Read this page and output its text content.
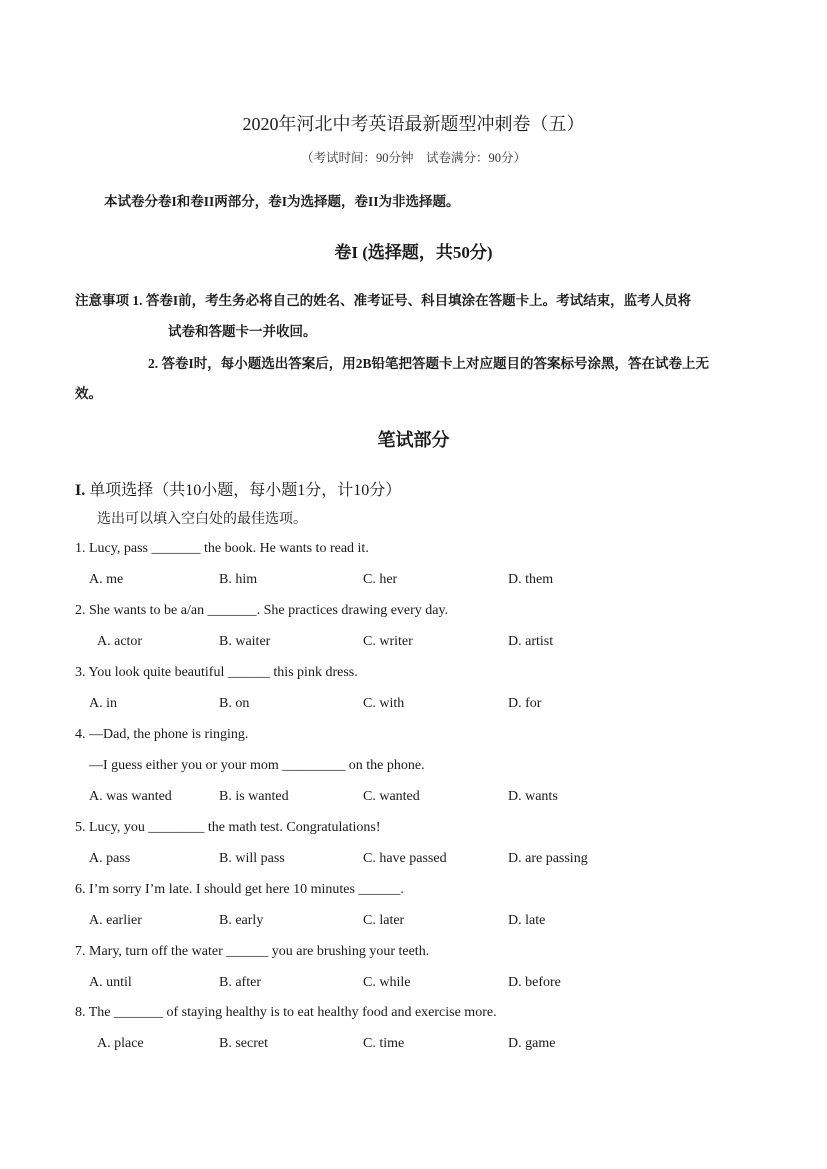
2020年河北中考英语最新题型冲刺卷（五）
（考试时间：90分钟　试卷满分：90分）
本试卷分卷I和卷II两部分，卷I为选择题，卷II为非选择题。
卷I (选择题，共50分)
注意事项 1. 答卷I前，考生务必将自己的姓名、准考证号、科目填涂在答题卡上。考试结束，监考人员将
试卷和答题卡一并收回。
2. 答卷I时，每小题选出答案后，用2B铅笔把答题卡上对应题目的答案标号涂黑，答在试卷上无
效。
笔试部分
I. 单项选择（共10小题，每小题1分，计10分）
选出可以填入空白处的最佳选项。
1. Lucy, pass _______ the book. He wants to read it.
A. me	B. him	C. her	D. them
2. She wants to be a/an _______. She practices drawing every day.
A. actor	B. waiter	C. writer	D. artist
3. You look quite beautiful ______ this pink dress.
A. in	B. on	C. with	D. for
4. —Dad, the phone is ringing.
—I guess either you or your mom _________ on the phone.
A. was wanted	B. is wanted	C. wanted	D. wants
5. Lucy, you ________ the math test. Congratulations!
A. pass	B. will pass	C. have passed	D. are passing
6. I’m sorry I’m late. I should get here 10 minutes ______.
A. earlier	B. early	C. later	D. late
7. Mary, turn off the water ______ you are brushing your teeth.
A. until	B. after	C. while	D. before
8. The _______ of staying healthy is to eat healthy food and exercise more.
A. place	B. secret	C. time	D. game
